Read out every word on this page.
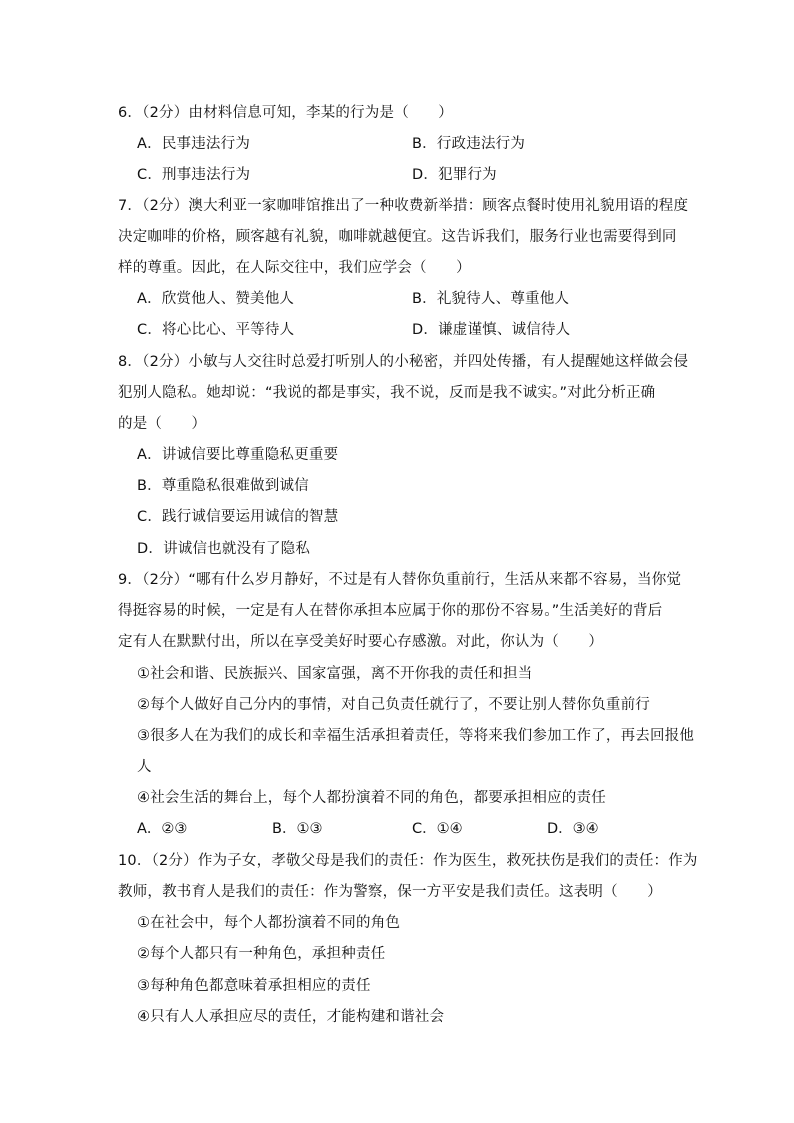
6．（2分）由材料信息可知，李某的行为是（　　）
A．民事违法行为	B．行政违法行为
C．刑事违法行为	D．犯罪行为
7．（2分）澳大利亚一家咖啡馆推出了一种收费新举措：顾客点餐时使用礼貌用语的程度
决定咖啡的价格，顾客越有礼貌，咖啡就越便宜。这告诉我们，服务行业也需要得到同
样的尊重。因此，在人际交往中，我们应学会（　　）
A．欣赏他人、赞美他人	B．礼貌待人、尊重他人
C．将心比心、平等待人	D．谦虚谨慎、诚信待人
8．（2分）小敏与人交往时总爱打听别人的小秘密，并四处传播，有人提醒她这样做会侵
犯别人隐私。她却说：“我说的都是事实，我不说，反而是我不诚实。”对此分析正确
的是（　　）
A．讲诚信要比尊重隐私更重要
B．尊重隐私很难做到诚信
C．践行诚信要运用诚信的智慧
D．讲诚信也就没有了隐私
9．（2分）“哪有什么岁月静好，不过是有人替你负重前行，生活从来都不容易，当你觉
得挺容易的时候，一定是有人在替你承担本应属于你的那份不容易。”生活美好的背后
定有人在默默付出，所以在享受美好时要心存感激。对此，你认为（　　）
①社会和谐、民族振兴、国家富强，离不开你我的责任和担当
②每个人做好自己分内的事情，对自己负责任就行了，不要让别人替你负重前行
③很多人在为我们的成长和幸福生活承担着责任，等将来我们参加工作了，再去回报他
人
④社会生活的舞台上，每个人都扮演着不同的角色，都要承担相应的责任
A．②③	B．①③	C．①④	D．③④
10．（2分）作为子女，孝敬父母是我们的责任：作为医生，救死扶伤是我们的责任：作为
教师，教书育人是我们的责任：作为警察，保一方平安是我们责任。这表明（　　）
①在社会中，每个人都扮演着不同的角色
②每个人都只有一种角色，承担种责任
③每种角色都意味着承担相应的责任
④只有人人承担应尽的责任，才能构建和谐社会
